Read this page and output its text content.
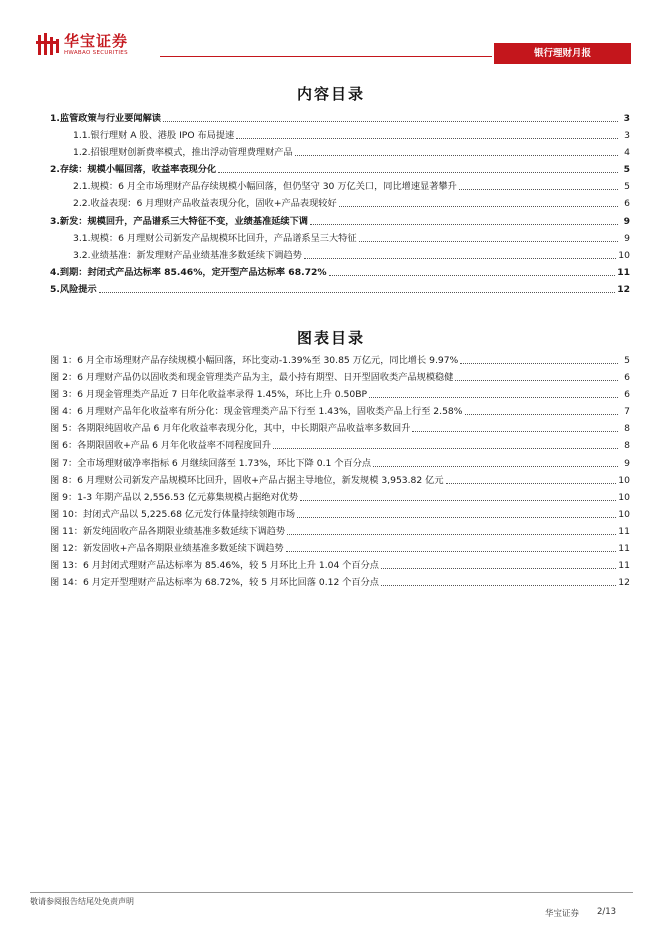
华宝证券
HWABAO SECURITIES	银行理财月报
内容目录
1.监管政策与行业要闻解读	3
1.1.银行理财 A 股、港股 IPO 布局提速	3
1.2.招银理财创新费率模式，推出浮动管理费理财产品	4
2.存续：规模小幅回落，收益率表现分化	5
2.1.规模：6 月全市场理财产品存续规模小幅回落，但仍坚守 30 万亿关口，同比增速显著攀升	5
2.2.收益表现：6 月理财产品收益表现分化，固收+产品表现较好	6
3.新发：规模回升，产品谱系三大特征不变，业绩基准延续下调	9
3.1.规模：6 月理财公司新发产品规模环比回升，产品谱系呈三大特征	9
3.2.业绩基准：新发理财产品业绩基准多数延续下调趋势	10
4.到期：封闭式产品达标率 85.46%，定开型产品达标率 68.72%	11
5.风险提示	12
图表目录
图 1：6 月全市场理财产品存续规模小幅回落，环比变动-1.39%至 30.85 万亿元，同比增长 9.97%	5
图 2：6 月理财产品仍以固收类和现金管理类产品为主，最小持有期型、日开型固收类产品规模稳健	6
图 3：6 月现金管理类产品近 7 日年化收益率录得 1.45%，环比上升 0.50BP	6
图 4：6 月理财产品年化收益率有所分化：现金管理类产品下行至 1.43%，固收类产品上行至 2.58%	7
图 5：各期限纯固收产品 6 月年化收益率表现分化，其中，中长期限产品收益率多数回升	8
图 6：各期限固收+产品 6 月年化收益率不同程度回升	8
图 7：全市场理财破净率指标 6 月继续回落至 1.73%，环比下降 0.1 个百分点	9
图 8：6 月理财公司新发产品规模环比回升，固收+产品占据主导地位，新发规模 3,953.82 亿元	10
图 9：1-3 年期产品以 2,556.53 亿元募集规模占据绝对优势	10
图 10：封闭式产品以 5,225.68 亿元发行体量持续领跑市场	10
图 11：新发纯固收产品各期限业绩基准多数延续下调趋势	11
图 12：新发固收+产品各期限业绩基准多数延续下调趋势	11
图 13：6 月封闭式理财产品达标率为 85.46%，较 5 月环比上升 1.04 个百分点	11
图 14：6 月定开型理财产品达标率为 68.72%，较 5 月环比回落 0.12 个百分点	12
敬请参阅报告结尾处免责声明
华宝证券 2/13
